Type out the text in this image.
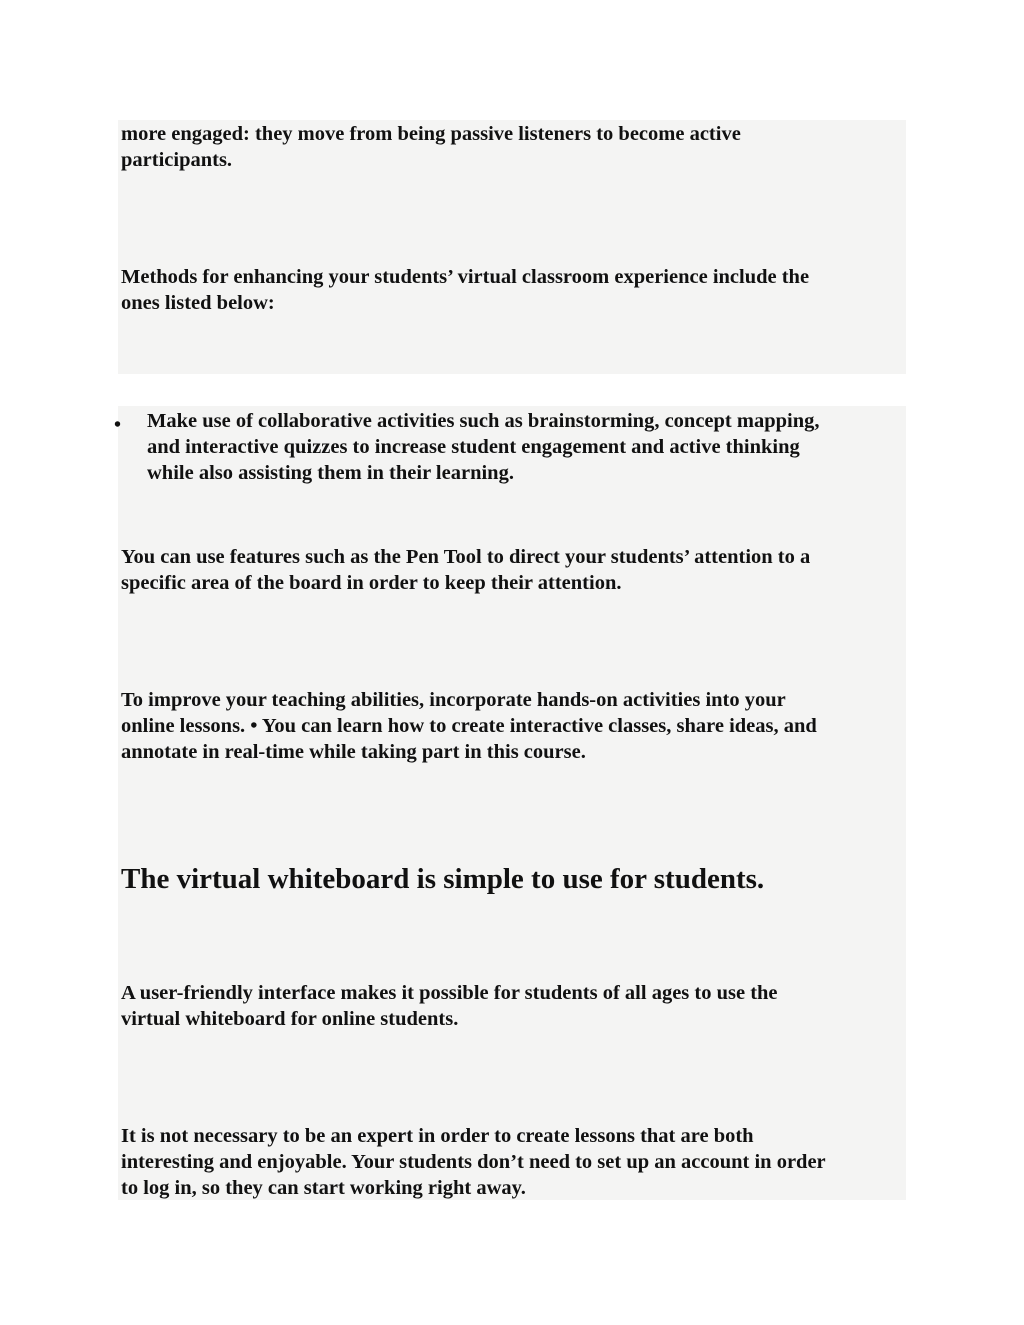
more engaged: they move from being passive listeners to become active
participants.

Methods for enhancing your students’ virtual classroom experience include the
ones listed below:

• Make use of collaborative activities such as brainstorming, concept mapping,
and interactive quizzes to increase student engagement and active thinking
while also assisting them in their learning.

You can use features such as the Pen Tool to direct your students’ attention to a
specific area of the board in order to keep their attention.

To improve your teaching abilities, incorporate hands-on activities into your
online lessons. • You can learn how to create interactive classes, share ideas, and
annotate in real-time while taking part in this course.

The virtual whiteboard is simple to use for students.

A user-friendly interface makes it possible for students of all ages to use the
virtual whiteboard for online students.

It is not necessary to be an expert in order to create lessons that are both
interesting and enjoyable. Your students don’t need to set up an account in order
to log in, so they can start working right away.
